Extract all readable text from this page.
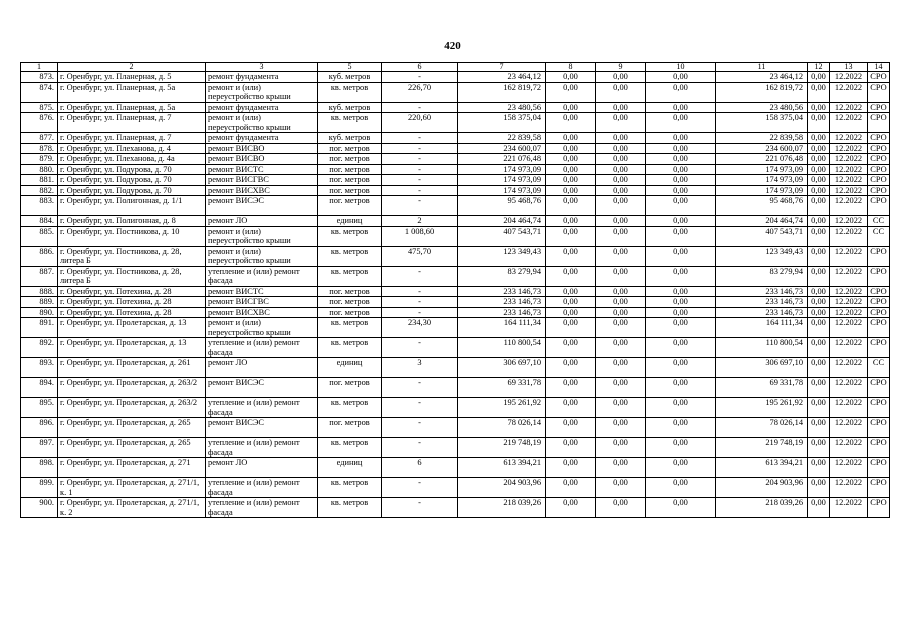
420
1	2	3	5	6	7	8	9	10	11	12	13	14
873.	г. Оренбург, ул. Планерная, д. 5	ремонт фундамента	куб. метров	-	23 464,12	0,00	0,00	0,00	23 464,12	0,00	12.2022	СРО
874.	г. Оренбург, ул. Планерная, д. 5а	ремонт и (или) переустройство крыши	кв. метров	226,70	162 819,72	0,00	0,00	0,00	162 819,72	0,00	12.2022	СРО
875.	г. Оренбург, ул. Планерная, д. 5а	ремонт фундамента	куб. метров	-	23 480,56	0,00	0,00	0,00	23 480,56	0,00	12.2022	СРО
876.	г. Оренбург, ул. Планерная, д. 7	ремонт и (или) переустройство крыши	кв. метров	220,60	158 375,04	0,00	0,00	0,00	158 375,04	0,00	12.2022	СРО
877.	г. Оренбург, ул. Планерная, д. 7	ремонт фундамента	куб. метров	-	22 839,58	0,00	0,00	0,00	22 839,58	0,00	12.2022	СРО
878.	г. Оренбург, ул. Плеханова, д. 4	ремонт ВИСВО	пог. метров	-	234 600,07	0,00	0,00	0,00	234 600,07	0,00	12.2022	СРО
879.	г. Оренбург, ул. Плеханова, д. 4а	ремонт ВИСВО	пог. метров	-	221 076,48	0,00	0,00	0,00	221 076,48	0,00	12.2022	СРО
880.	г. Оренбург, ул. Подурова, д. 70	ремонт ВИСТС	пог. метров	-	174 973,09	0,00	0,00	0,00	174 973,09	0,00	12.2022	СРО
881.	г. Оренбург, ул. Подурова, д. 70	ремонт ВИСГВС	пог. метров	-	174 973,09	0,00	0,00	0,00	174 973,09	0,00	12.2022	СРО
882.	г. Оренбург, ул. Подурова, д. 70	ремонт ВИСХВС	пог. метров	-	174 973,09	0,00	0,00	0,00	174 973,09	0,00	12.2022	СРО
883.	г. Оренбург, ул. Полигонная, д. 1/1	ремонт ВИСЭС	пог. метров	-	95 468,76	0,00	0,00	0,00	95 468,76	0,00	12.2022	СРО
884.	г. Оренбург, ул. Полигонная, д. 8	ремонт ЛО	единиц	2	204 464,74	0,00	0,00	0,00	204 464,74	0,00	12.2022	СС
885.	г. Оренбург, ул. Постникова, д. 10	ремонт и (или) переустройство крыши	кв. метров	1 008,60	407 543,71	0,00	0,00	0,00	407 543,71	0,00	12.2022	СС
886.	г. Оренбург, ул. Постникова, д. 28, литера Б	ремонт и (или) переустройство крыши	кв. метров	475,70	123 349,43	0,00	0,00	0,00	123 349,43	0,00	12.2022	СРО
887.	г. Оренбург, ул. Постникова, д. 28, литера Б	утепление и (или) ремонт фасада	кв. метров	-	83 279,94	0,00	0,00	0,00	83 279,94	0,00	12.2022	СРО
888.	г. Оренбург, ул. Потехина, д. 28	ремонт ВИСТС	пог. метров	-	233 146,73	0,00	0,00	0,00	233 146,73	0,00	12.2022	СРО
889.	г. Оренбург, ул. Потехина, д. 28	ремонт ВИСГВС	пог. метров	-	233 146,73	0,00	0,00	0,00	233 146,73	0,00	12.2022	СРО
890.	г. Оренбург, ул. Потехина, д. 28	ремонт ВИСХВС	пог. метров	-	233 146,73	0,00	0,00	0,00	233 146,73	0,00	12.2022	СРО
891.	г. Оренбург, ул. Пролетарская, д. 13	ремонт и (или) переустройство крыши	кв. метров	234,30	164 111,34	0,00	0,00	0,00	164 111,34	0,00	12.2022	СРО
892.	г. Оренбург, ул. Пролетарская, д. 13	утепление и (или) ремонт фасада	кв. метров	-	110 800,54	0,00	0,00	0,00	110 800,54	0,00	12.2022	СРО
893.	г. Оренбург, ул. Пролетарская, д. 261	ремонт ЛО	единиц	3	306 697,10	0,00	0,00	0,00	306 697,10	0,00	12.2022	СС
894.	г. Оренбург, ул. Пролетарская, д. 263/2	ремонт ВИСЭС	пог. метров	-	69 331,78	0,00	0,00	0,00	69 331,78	0,00	12.2022	СРО
895.	г. Оренбург, ул. Пролетарская, д. 263/2	утепление и (или) ремонт фасада	кв. метров	-	195 261,92	0,00	0,00	0,00	195 261,92	0,00	12.2022	СРО
896.	г. Оренбург, ул. Пролетарская, д. 265	ремонт ВИСЭС	пог. метров	-	78 026,14	0,00	0,00	0,00	78 026,14	0,00	12.2022	СРО
897.	г. Оренбург, ул. Пролетарская, д. 265	утепление и (или) ремонт фасада	кв. метров	-	219 748,19	0,00	0,00	0,00	219 748,19	0,00	12.2022	СРО
898.	г. Оренбург, ул. Пролетарская, д. 271	ремонт ЛО	единиц	6	613 394,21	0,00	0,00	0,00	613 394,21	0,00	12.2022	СРО
899.	г. Оренбург, ул. Пролетарская, д. 271/1, к. 1	утепление и (или) ремонт фасада	кв. метров	-	204 903,96	0,00	0,00	0,00	204 903,96	0,00	12.2022	СРО
900.	г. Оренбург, ул. Пролетарская, д. 271/1, к. 2	утепление и (или) ремонт фасада	кв. метров	-	218 039,26	0,00	0,00	0,00	218 039,26	0,00	12.2022	СРО
